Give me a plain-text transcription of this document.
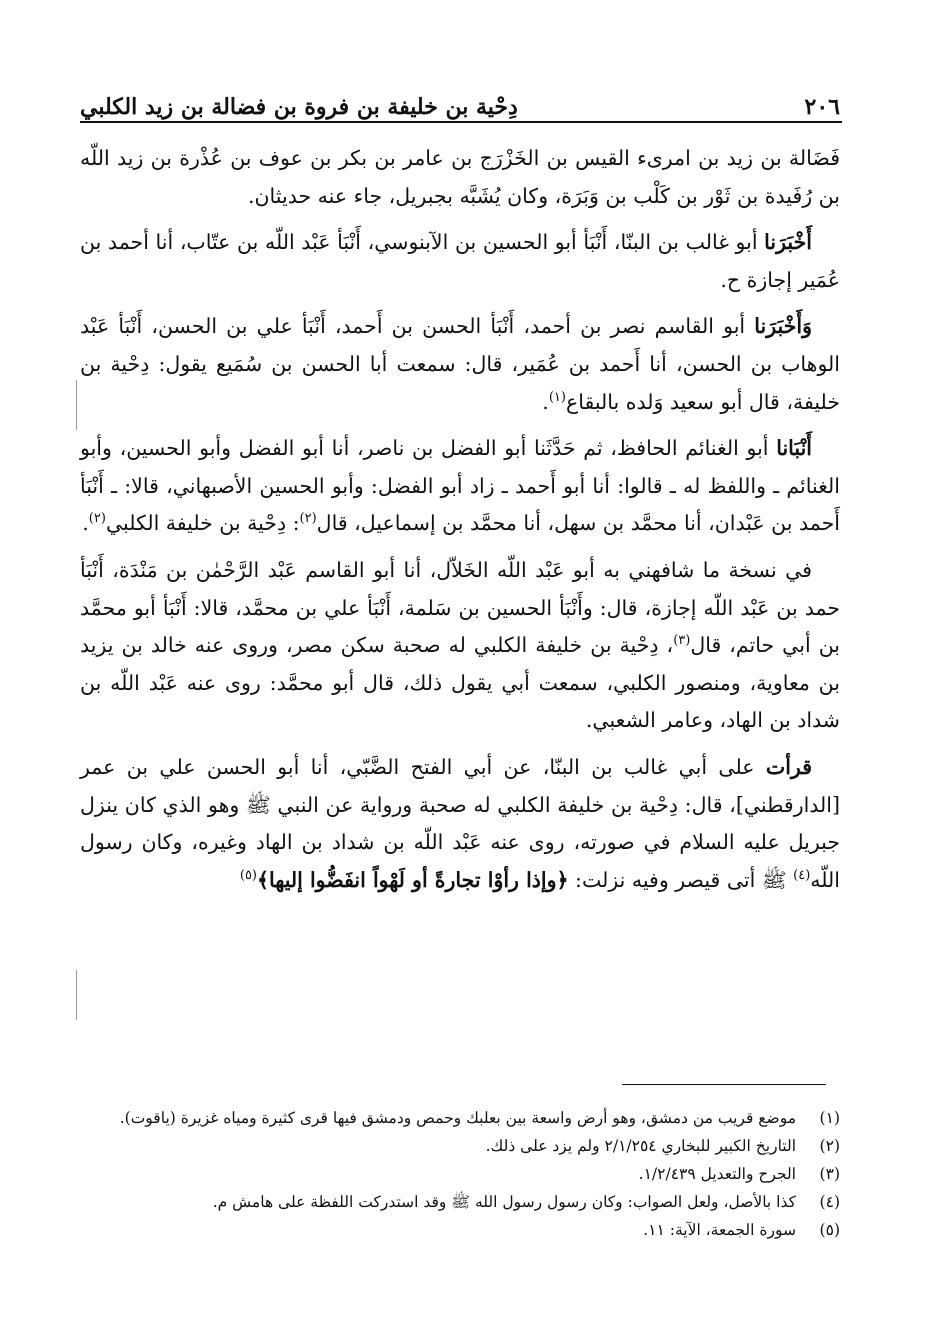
٢٠٦
دِحْية بن خليفة بن فروة بن فضالة بن زيد الكلبي

فَضَالة بن زيد بن امرىء القيس بن الخَزْرَج بن عامر بن بكر بن عوف بن عُذْرة بن زيد اللّه بن رُفَيدة بن ثَوْر بن كَلْب بن وَبَرَة، وكان يُشَبَّه بجبريل، جاء عنه حديثان.

أَخْبَرَنا أبو غالب بن البنّا، أَنْبَأ أبو الحسين بن الآبنوسي، أَنْبَأ عَبْد اللّه بن عتّاب، أنا أحمد بن عُمَير إجازة ح.

وَأَخْبَرَنا أبو القاسم نصر بن أحمد، أَنْبَأ الحسن بن أَحمد، أَنْبَأ علي بن الحسن، أَنْبَأ عَبْد الوهاب بن الحسن، أنا أَحمد بن عُمَير، قال: سمعت أبا الحسن بن سُمَيع يقول: دِحْية بن خليفة، قال أبو سعيد وَلده بالبقاع$^{(١)}$.

أَنْبَانا أبو الغنائم الحافظ، ثم حَدَّثَنا أبو الفضل بن ناصر، أنا أبو الفضل وأبو الحسين، وأبو الغنائم ـ واللفظ له ـ قالوا: أنا أبو أَحمد ـ زاد أبو الفضل: وأبو الحسين الأصبهاني، قالا: ـ أَنْبَأ أَحمد بن عَبْدان، أنا محمَّد بن سهل، أنا محمَّد بن إسماعيل، قال$^{(٢)}$: دِحْية بن خليفة الكلبي$^{(٢)}$.

في نسخة ما شافهني به أبو عَبْد اللّه الخَلاّل، أنا أبو القاسم عَبْد الرَّحْمٰن بن مَنْدَة، أَنْبَأ حمد بن عَبْد اللّه إجازة، قال: وأَنْبَأ الحسين بن سَلمة، أَنْبَأ علي بن محمَّد، قالا: أَنْبَأ أبو محمَّد بن أبي حاتم، قال$^{(٣)}$، دِحْية بن خليفة الكلبي له صحبة سكن مصر، وروى عنه خالد بن يزيد بن معاوية، ومنصور الكلبي، سمعت أبي يقول ذلك، قال أبو محمَّد: روى عنه عَبْد اللّه بن شداد بن الهاد، وعامر الشعبي.

قرأت على أبي غالب بن البنّا، عن أبي الفتح الضَّبّي، أنا أبو الحسن علي بن عمر [الدارقطني]، قال: دِحْية بن خليفة الكلبي له صحبة ورواية عن النبي ﷺ وهو الذي كان ينزل جبريل عليه السلام في صورته، روى عنه عَبْد اللّه بن شداد بن الهاد وغيره، وكان رسول اللّه$^{(٤)}$ ﷺ أتى قيصر وفيه نزلت: ﴿وإذا رأوْا تجارةً أو لَهْواً انفَضُّوا إليها﴾$^{(٥)}$

(١)
موضع قريب من دمشق، وهو أرض واسعة بين بعلبك وحمص ودمشق فيها قرى كثيرة ومياه غزيرة (ياقوت).
(٢)
التاريخ الكبير للبخاري ٢/١/٢٥٤ ولم يزد على ذلك.
(٣)
الجرح والتعديل ١/٢/٤٣٩.
(٤)
كذا بالأصل، ولعل الصواب: وكان رسول رسول الله ﷺ وقد استدركت اللفظة على هامش م.
(٥)
سورة الجمعة، الآية: ١١.
